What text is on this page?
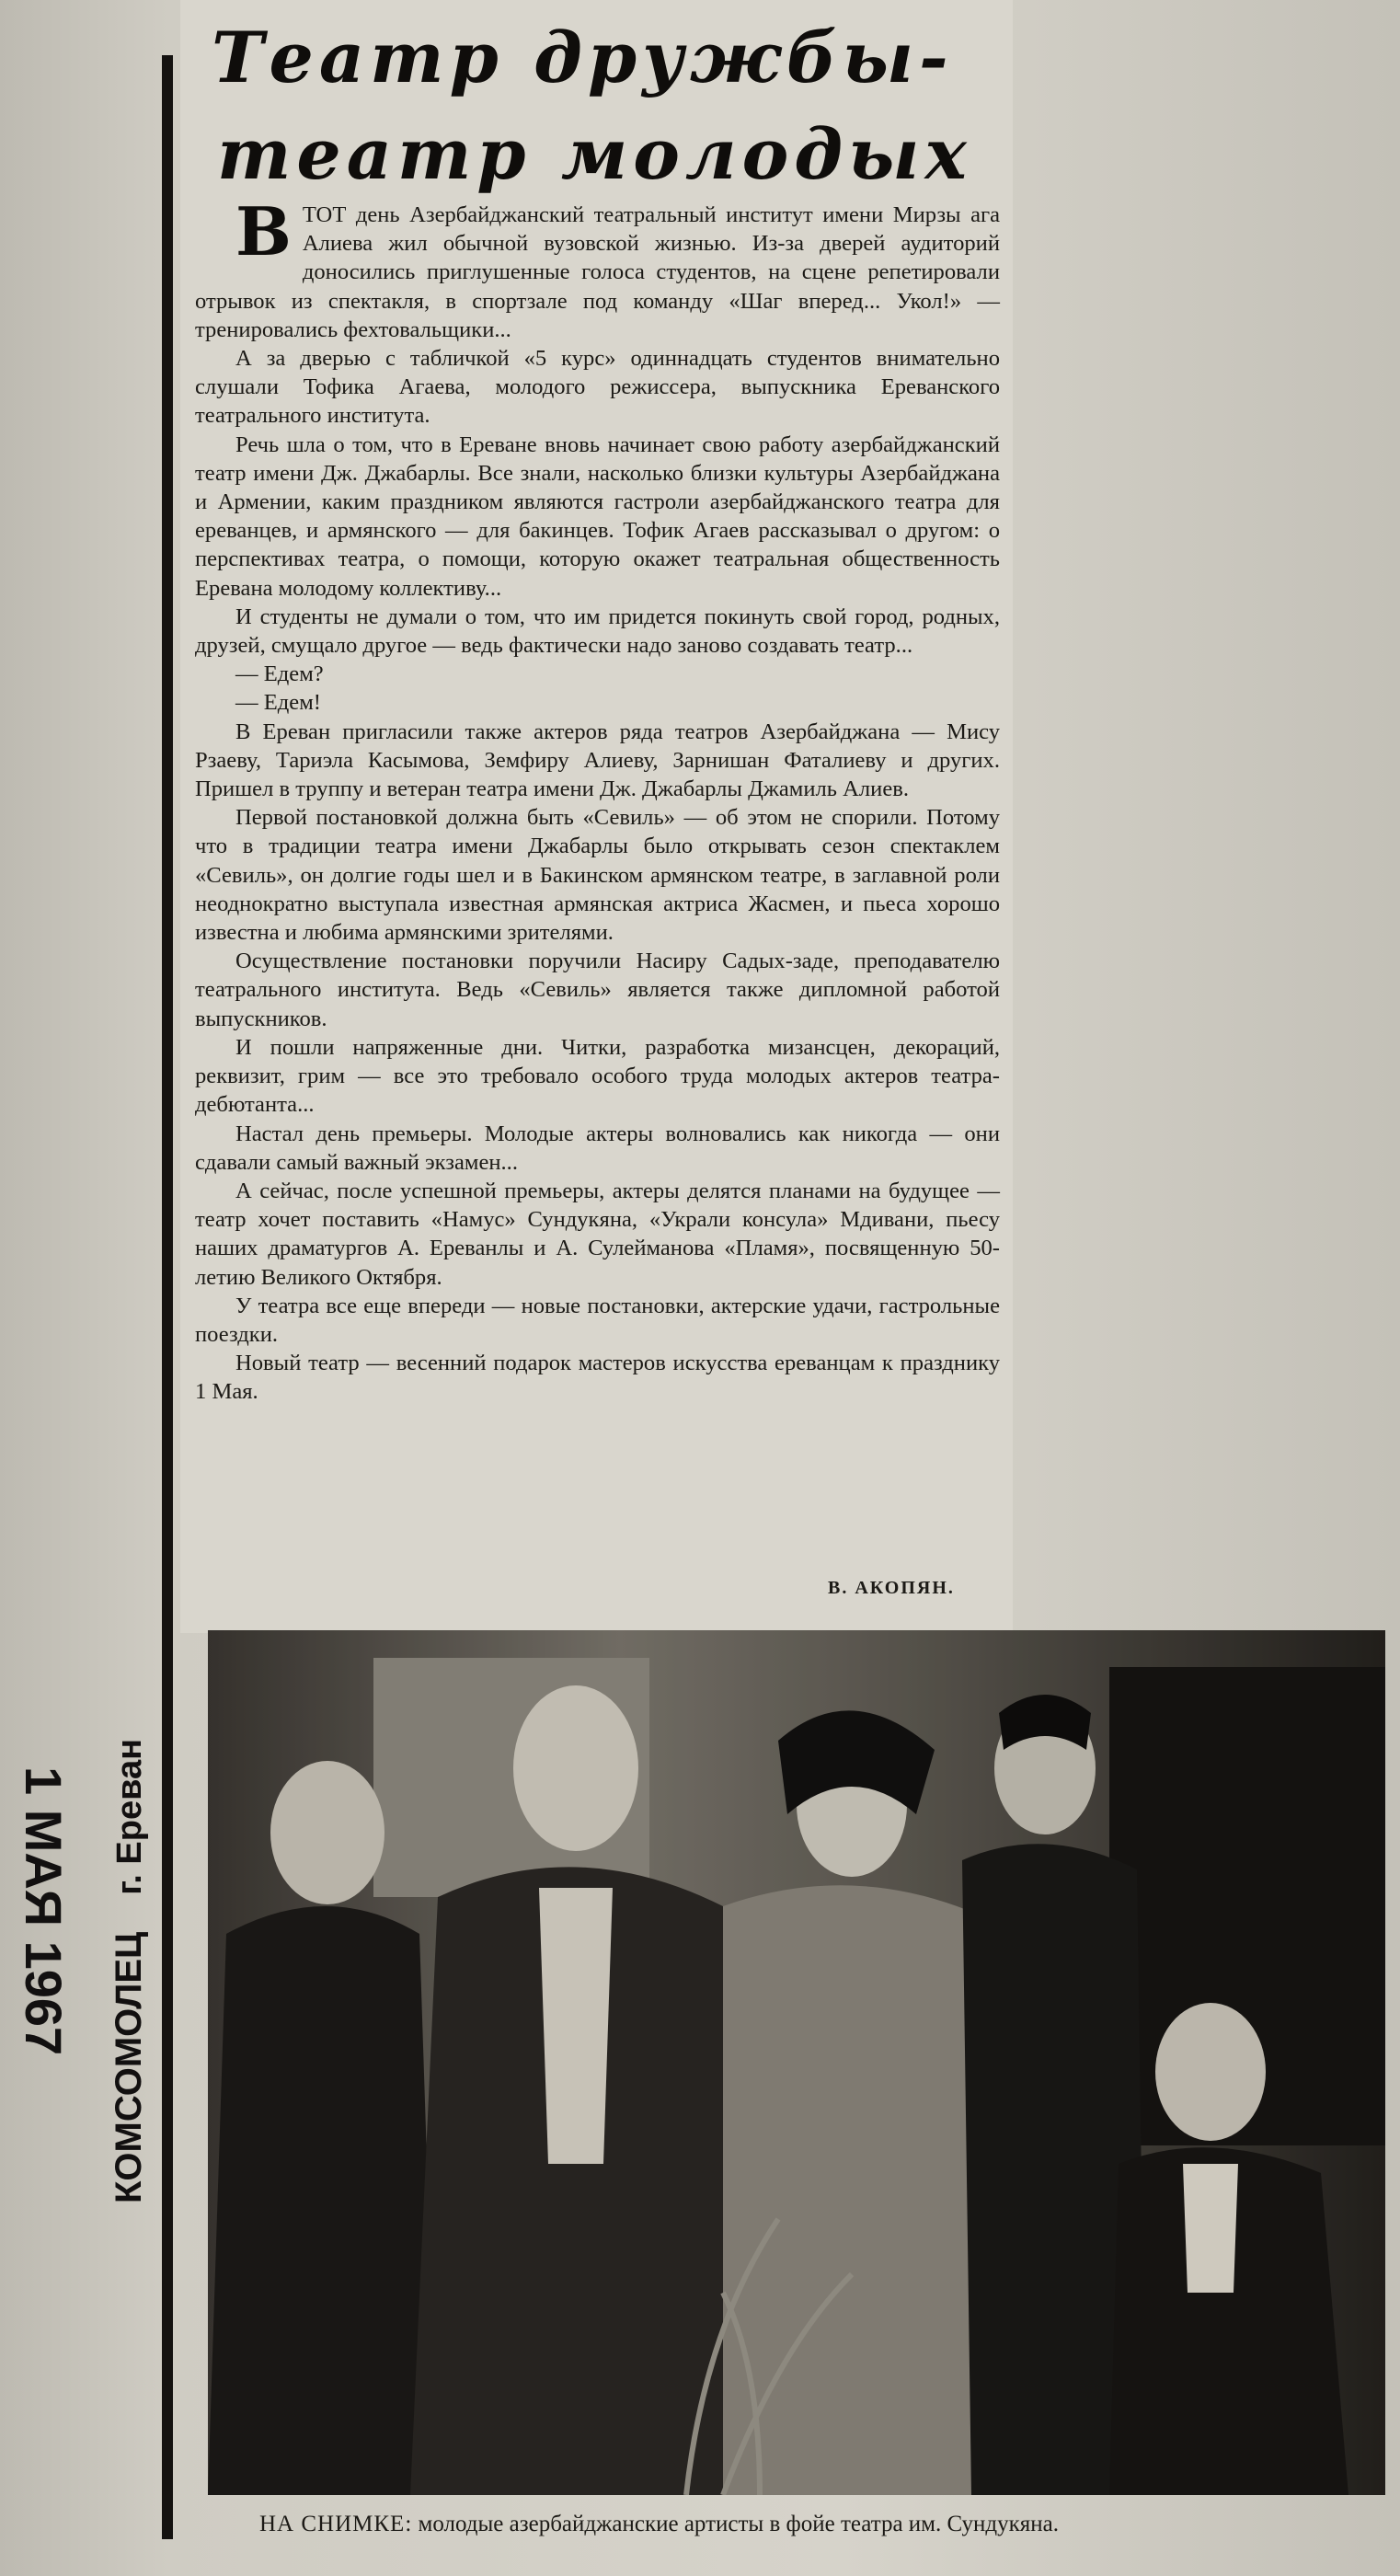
Театр дружбы-
театр молодых

ВТОТ день Азербайджанский театральный институт имени Мирзы ага Алиева жил обычной вузовской жизнью. Из-за дверей аудиторий доносились приглушенные голоса студентов, на сцене репетировали отрывок из спектакля, в спортзале под команду «Шаг вперед... Укол!» — тренировались фехтовальщики...

А за дверью с табличкой «5 курс» одиннадцать студентов внимательно слушали Тофика Агаева, молодого режиссера, выпускника Ереванского театрального института.

Речь шла о том, что в Ереване вновь начинает свою работу азербайджанский театр имени Дж. Джабарлы. Все знали, насколько близки культуры Азербайджана и Армении, каким праздником являются гастроли азербайджанского театра для ереванцев, и армянского — для бакинцев. Тофик Агаев рассказывал о другом: о перспективах театра, о помощи, которую окажет театральная общественность Еревана молодому коллективу...

И студенты не думали о том, что им придется покинуть свой город, родных, друзей, смущало другое — ведь фактически надо заново создавать театр...

— Едем?

— Едем!

В Ереван пригласили также актеров ряда театров Азербайджана — Мису Рзаеву, Тариэла Касымова, Земфиру Алиеву, Зарнишан Фаталиеву и других. Пришел в труппу и ветеран театра имени Дж. Джабарлы Джамиль Алиев.

Первой постановкой должна быть «Севиль» — об этом не спорили. Потому что в традиции театра имени Джабарлы было открывать сезон спектаклем «Севиль», он долгие годы шел и в Бакинском армянском театре, в заглавной роли неоднократно выступала известная армянская актриса Жасмен, и пьеса хорошо известна и любима армянскими зрителями.

Осуществление постановки поручили Насиру Садых-заде, преподавателю театрального института. Ведь «Севиль» является также дипломной работой выпускников.

И пошли напряженные дни. Читки, разработка мизансцен, декораций, реквизит, грим — все это требовало особого труда молодых актеров театра-дебютанта...

Настал день премьеры. Молодые актеры волновались как никогда — они сдавали самый важный экзамен...

А сейчас, после успешной премьеры, актеры делятся планами на будущее — театр хочет поставить «Намус» Сундукяна, «Украли консула» Мдивани, пьесу наших драматургов А. Ереванлы и А. Сулейманова «Пламя», посвященную 50-летию Великого Октября.

У театра все еще впереди — новые постановки, актерские удачи, гастрольные поездки.

Новый театр — весенний подарок мастеров искусства ереванцам к празднику 1 Мая.

В. АКОПЯН.
НА СНИМКЕ: молодые азербайджанские артисты в фойе театра им. Сундукяна.
1 МАЯ 1967
КОМСОМОЛЕЦг. Ереван
